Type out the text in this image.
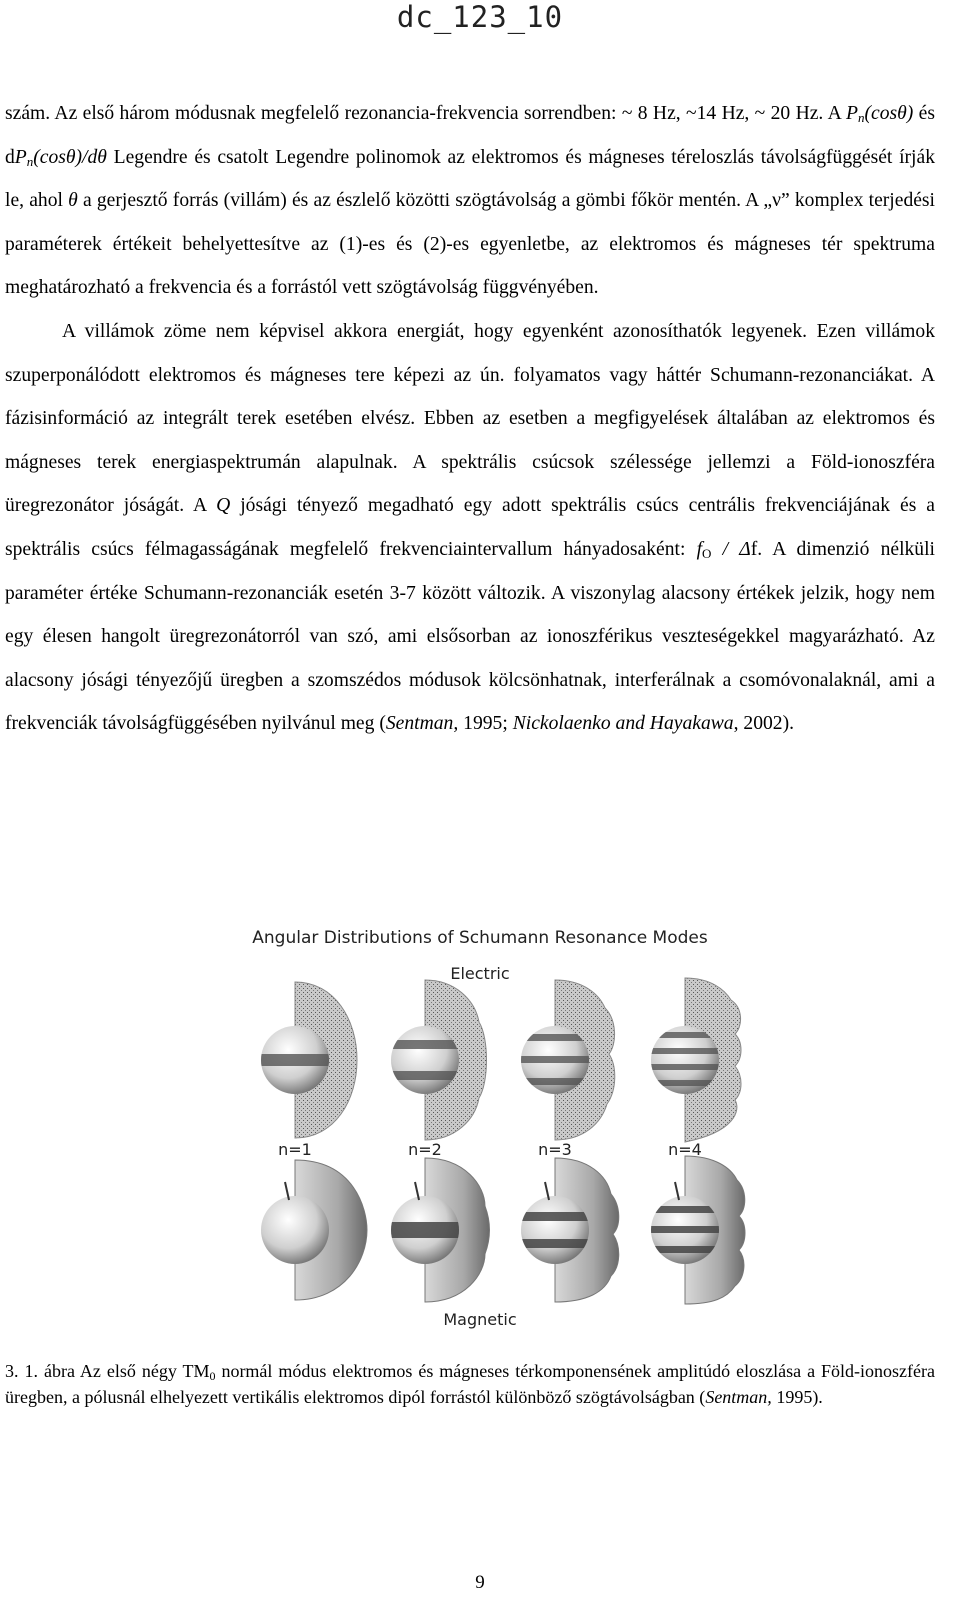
dc_123_10

szám. Az első három módusnak megfelelő rezonancia-frekvencia sorrendben: ~ 8 Hz, ~14 Hz, ~ 20 Hz. A $P_n(\cos\theta)$ és $dP_n(\cos\theta)/d\theta$ Legendre és csatolt Legendre polinomok az elektromos és mágneses téreloszlás távolságfüggését írják le, ahol θ a gerjesztő forrás (villám) és az észlelő közötti szögtávolság a gömbi főkör mentén. A „ν” komplex terjedési paraméterek értékeit behelyettesítve az (1)-es és (2)-es egyenletbe, az elektromos és mágneses tér spektruma meghatározható a frekvencia és a forrástól vett szögtávolság függvényében.

A villámok zöme nem képvisel akkora energiát, hogy egyenként azonosíthatók legyenek. Ezen villámok szuperponálódott elektromos és mágneses tere képezi az ún. folyamatos vagy háttér Schumann-rezonanciákat. A fázisinformáció az integrált terek esetében elvész. Ebben az esetben a megfigyelések általában az elektromos és mágneses terek energiaspektrumán alapulnak. A spektrális csúcsok szélessége jellemzi a Föld-ionoszféra üregrezonátor jóságát. A Q jósági tényező megadható egy adott spektrális csúcs centrális frekvenciájának és a spektrális csúcs félmagasságának megfelelő frekvenciaintervallum hányadosaként: $f_O$ / Δf. A dimenzió nélküli paraméter értéke Schumann-rezonanciák esetén 3-7 között változik. A viszonylag alacsony értékek jelzik, hogy nem egy élesen hangolt üregrezonátorról van szó, ami elsősorban az ionoszférikus veszteségekkel magyarázható. Az alacsony jósági tényezőjű üregben a szomszédos módusok kölcsönhatnak, interferálnak a csomóvonalaknál, ami a frekvenciák távolságfüggésében nyilvánul meg (Sentman, 1995; Nickolaenko and Hayakawa, 2002).

Angular Distributions of Schumann Resonance Modes
Electric
n=1	n=2	n=3	n=4
Magnetic
3. 1. ábra Az első négy $TM_0$ normál módus elektromos és mágneses térkomponensének amplitúdó eloszlása a Föld-ionoszféra üregben, a pólusnál elhelyezett vertikális elektromos dipól forrástól különböző szögtávolságban (Sentman, 1995).
9
